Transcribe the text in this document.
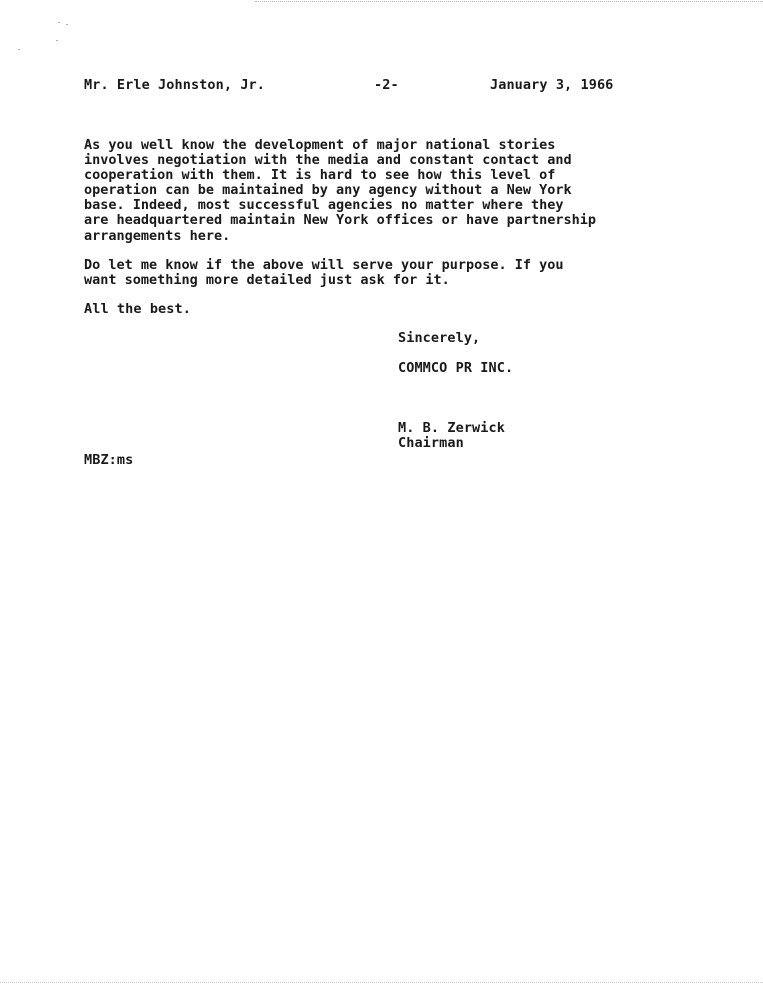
Mr. Erle Johnston, Jr.	-2-	January 3, 1966
As you well know the development of major national stories
involves negotiation with the media and constant contact and
cooperation with them. It is hard to see how this level of
operation can be maintained by any agency without a New York
base. Indeed, most successful agencies no matter where they
are headquartered maintain New York offices or have partnership
arrangements here.
Do let me know if the above will serve your purpose. If you
want something more detailed just ask for it.
All the best.
Sincerely,
COMMCO PR INC.
M. B. Zerwick
Chairman
MBZ:ms
